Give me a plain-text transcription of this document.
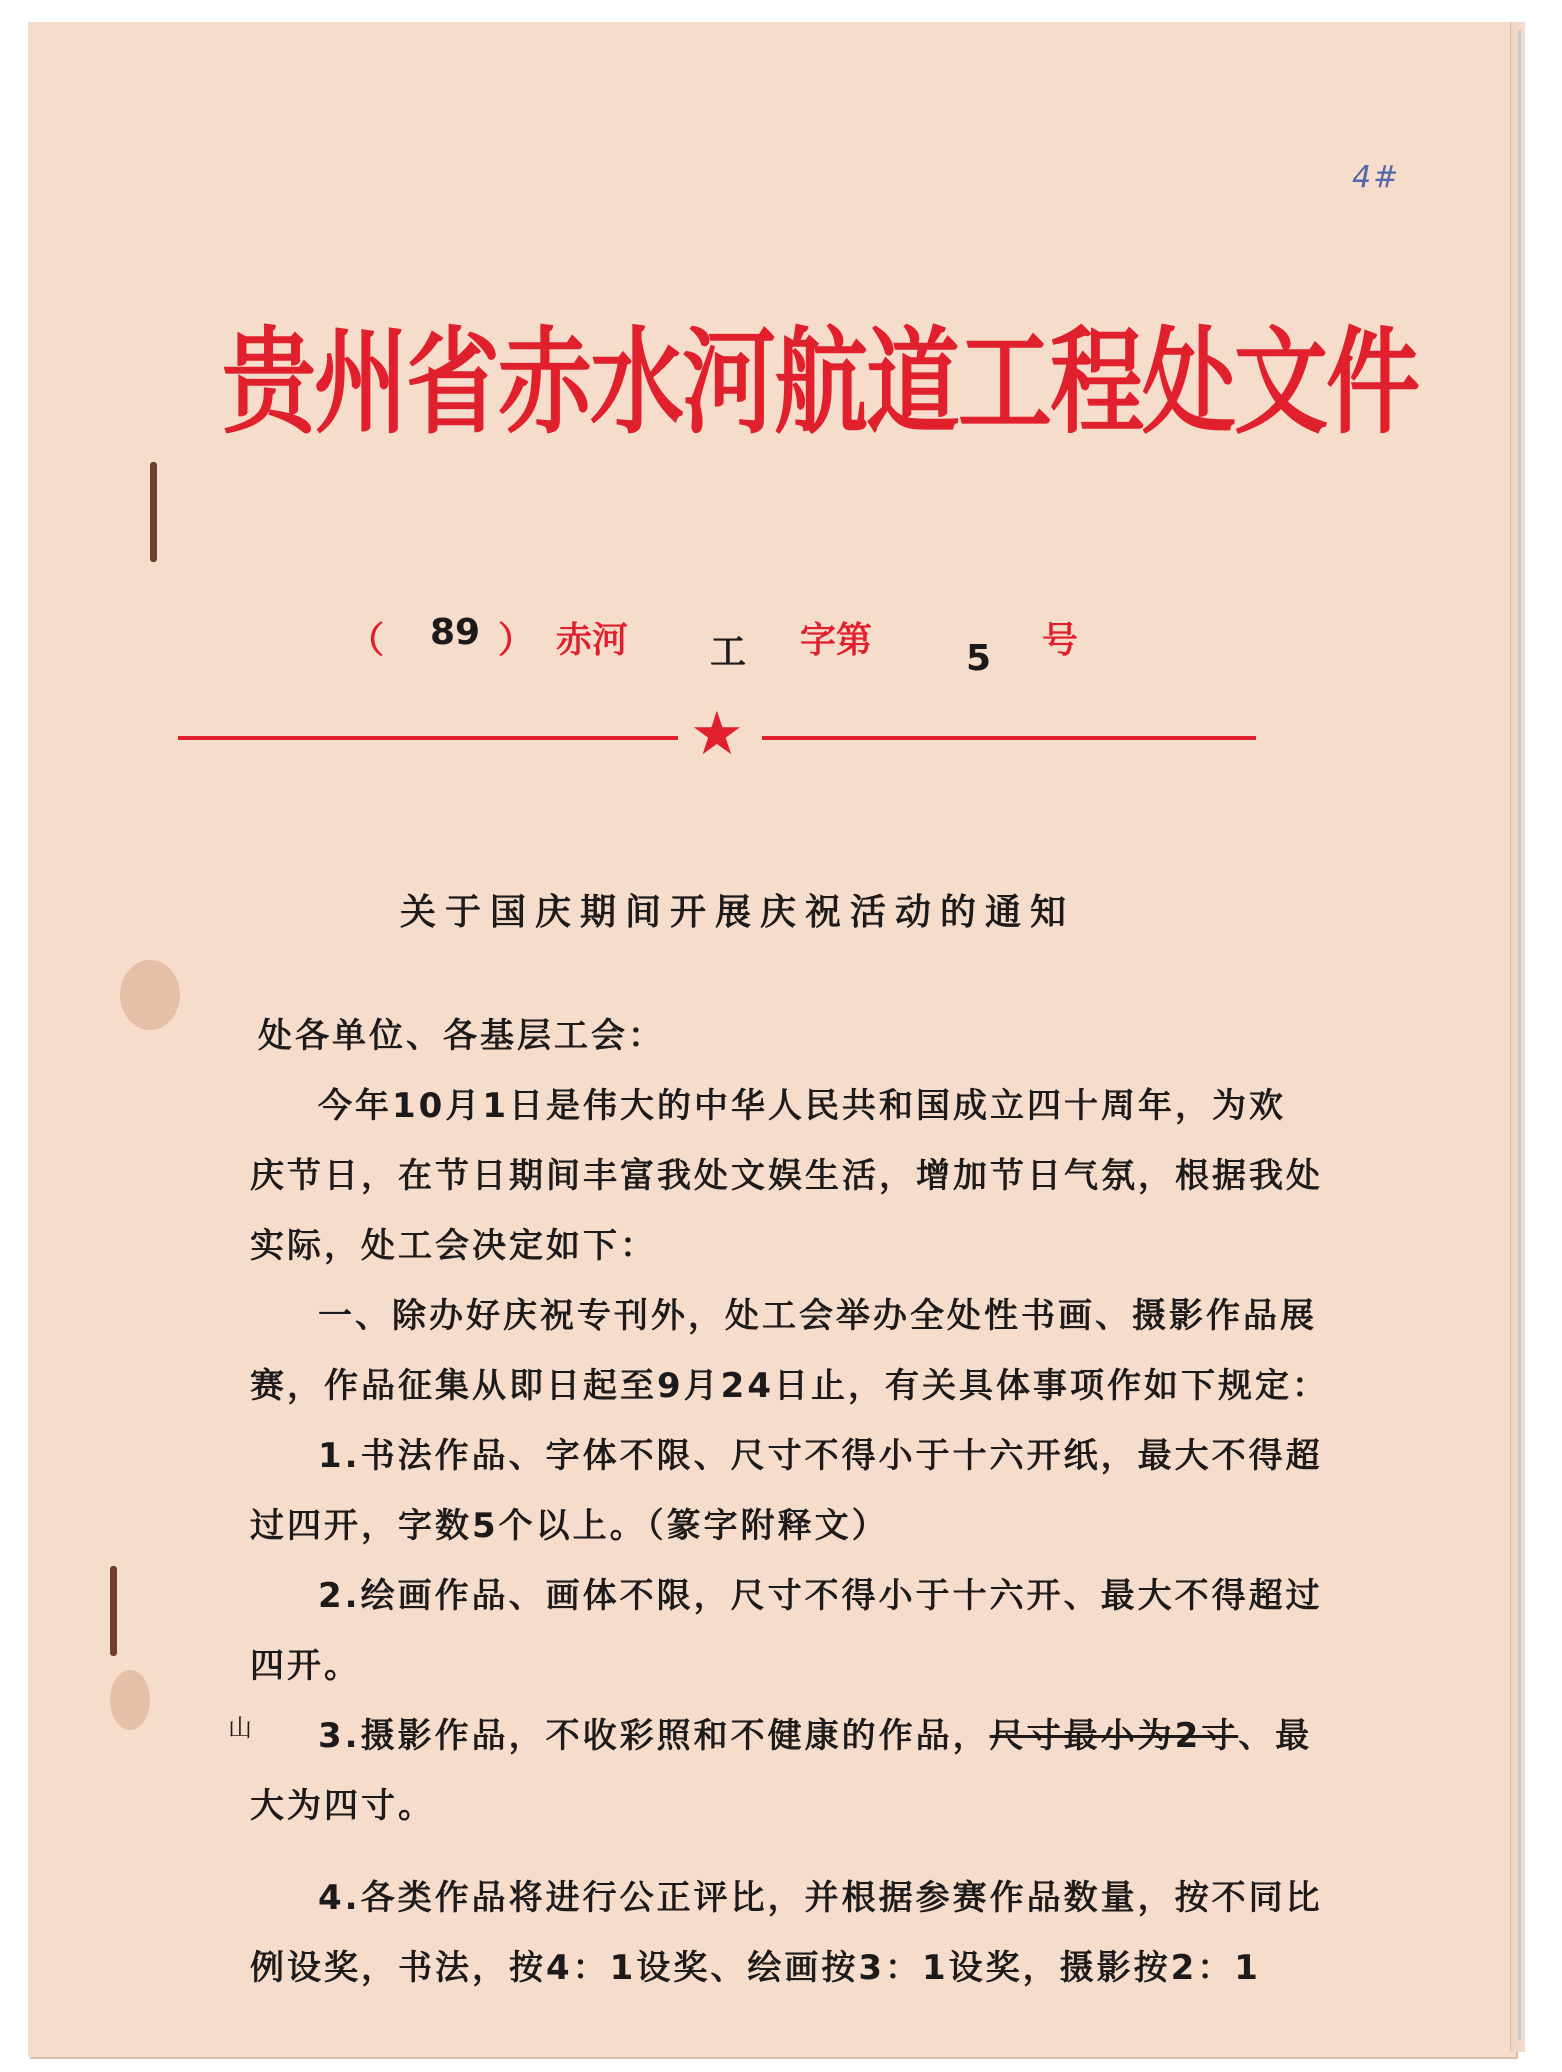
4#
贵州省赤水河航道工程处文件
（ 89 ） 赤河 工 字第	5 号
★
关于国庆期间开展庆祝活动的通知
处各单位、各基层工会：
今年10月1日是伟大的中华人民共和国成立四十周年，为欢
庆节日，在节日期间丰富我处文娱生活，增加节日气氛，根据我处
实际，处工会决定如下：
一、除办好庆祝专刊外，处工会举办全处性书画、摄影作品展
赛，作品征集从即日起至9月24日止，有关具体事项作如下规定：
1.书法作品、字体不限、尺寸不得小于十六开纸，最大不得超
过四开，字数5个以上。（篆字附释文）
2.绘画作品、画体不限，尺寸不得小于十六开、最大不得超过
四开。
山 3.摄影作品，不收彩照和不健康的作品，尺寸最小为2寸、最
大为四寸。
4.各类作品将进行公正评比，并根据参赛作品数量，按不同比
例设奖，书法，按4：1设奖、绘画按3：1设奖，摄影按2：1
